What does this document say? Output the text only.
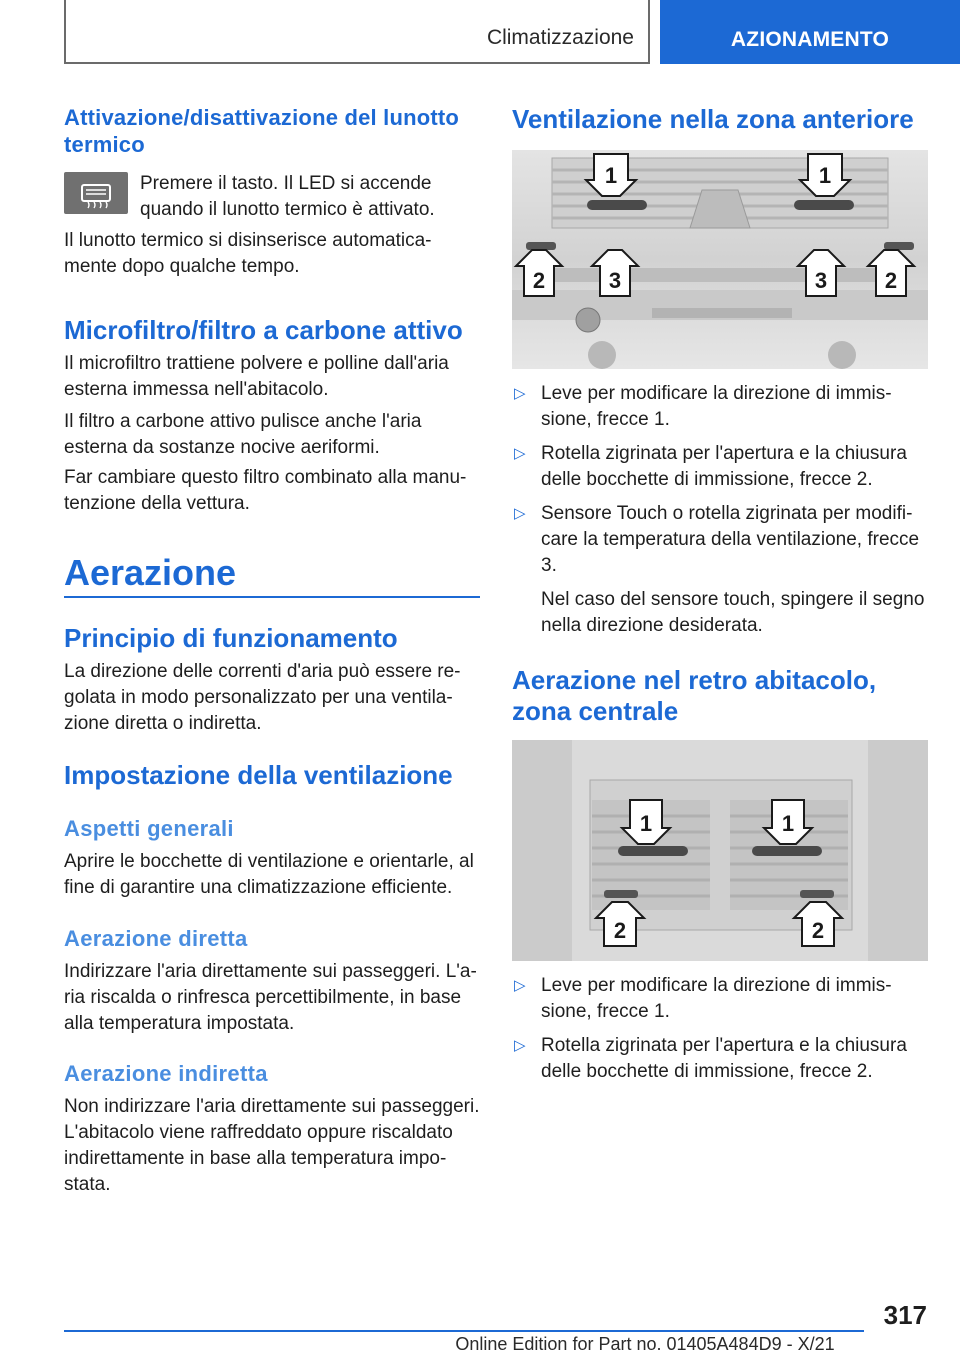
Climatizzazione	AZIONAMENTO
Attivazione/disattivazione del lunotto termico

Premere il tasto. Il LED si accende quando il lunotto termico è attivato.

Il lunotto termico si disinserisce automatica-mente dopo qualche tempo.

Microfiltro/filtro a carbone attivo

Il microfiltro trattiene polvere e polline dall'aria esterna immessa nell'abitacolo.

Il filtro a carbone attivo pulisce anche l'aria esterna da sostanze nocive aeriformi.

Far cambiare questo filtro combinato alla manu-tenzione della vettura.

Aerazione
Principio di funzionamento

La direzione delle correnti d'aria può essere re-golata in modo personalizzato per una ventila-zione diretta o indiretta.

Impostazione della ventilazione
Aspetti generali

Aprire le bocchette di ventilazione e orientarle, al fine di garantire una climatizzazione efficiente.

Aerazione diretta

Indirizzare l'aria direttamente sui passeggeri. L'a-ria riscalda o rinfresca percettibilmente, in base alla temperatura impostata.

Aerazione indiretta

Non indirizzare l'aria direttamente sui passeggeri. L'abitacolo viene raffreddato oppure riscaldato indirettamente in base alla temperatura impo-stata.

Ventilazione nella zona anteriore
1	1
2	3	3	2
▷ Leve per modificare la direzione di immis-sione, frecce 1.
▷ Rotella zigrinata per l'apertura e la chiusura delle bocchette di immissione, frecce 2.
▷ Sensore Touch o rotella zigrinata per modifi-care la temperatura della ventilazione, frecce 3.
Nel caso del sensore touch, spingere il segno nella direzione desiderata.
Aerazione nel retro abitacolo, zona centrale
1	1
2	2
▷ Leve per modificare la direzione di immis-sione, frecce 1.
▷ Rotella zigrinata per l'apertura e la chiusura delle bocchette di immissione, frecce 2.
317
Online Edition for Part no. 01405A484D9 - X/21
